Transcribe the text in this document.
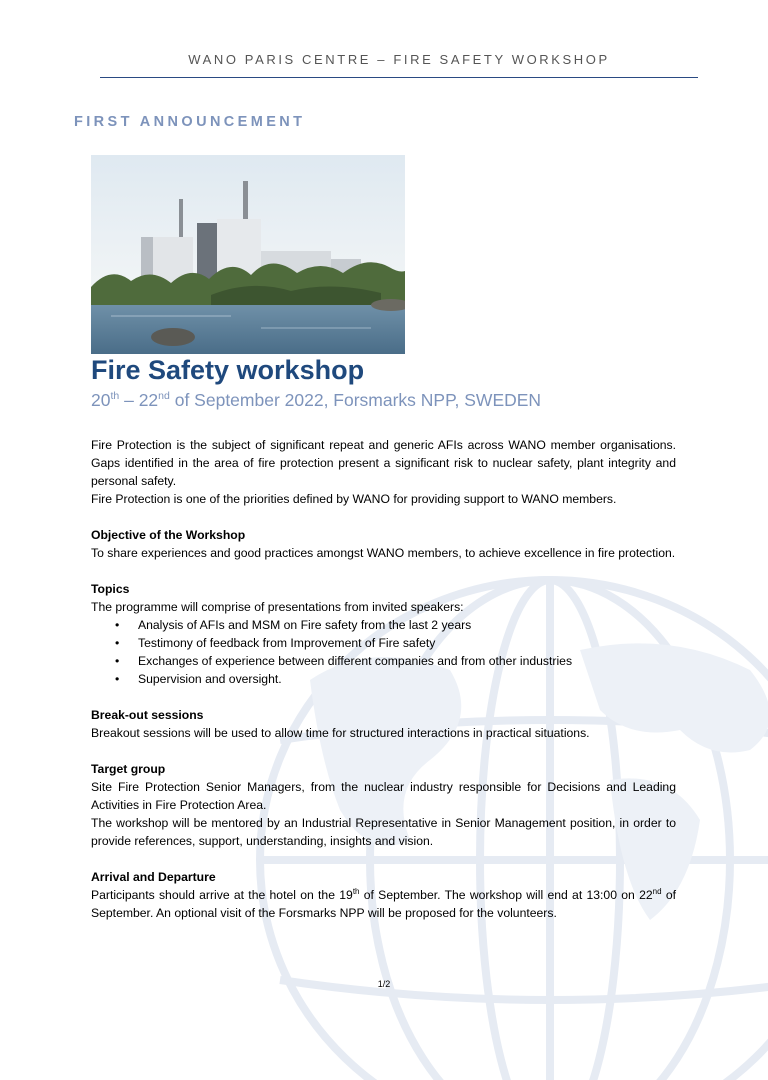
WANO PARIS CENTRE – FIRE SAFETY WORKSHOP
FIRST ANNOUNCEMENT
Fire Safety workshop
20th – 22nd of September 2022, Forsmarks NPP, SWEDEN

Fire Protection is the subject of significant repeat and generic AFIs across WANO member organisations. Gaps identified in the area of fire protection present a significant risk to nuclear safety, plant integrity and personal safety.

Fire Protection is one of the priorities defined by WANO for providing support to WANO members.

Objective of the Workshop

To share experiences and good practices amongst WANO members, to achieve excellence in fire protection.

Topics

The programme will comprise of presentations from invited speakers:

• Analysis of AFIs and MSM on Fire safety from the last 2 years
• Testimony of feedback from Improvement of Fire safety
• Exchanges of experience between different companies and from other industries
• Supervision and oversight.

Break-out sessions

Breakout sessions will be used to allow time for structured interactions in practical situations.

Target group

Site Fire Protection Senior Managers, from the nuclear industry responsible for Decisions and Leading Activities in Fire Protection Area.

The workshop will be mentored by an Industrial Representative in Senior Management position, in order to provide references, support, understanding, insights and vision.

Arrival and Departure

Participants should arrive at the hotel on the 19th of September. The workshop will end at 13:00 on 22nd of September. An optional visit of the Forsmarks NPP will be proposed for the volunteers.

1/2
